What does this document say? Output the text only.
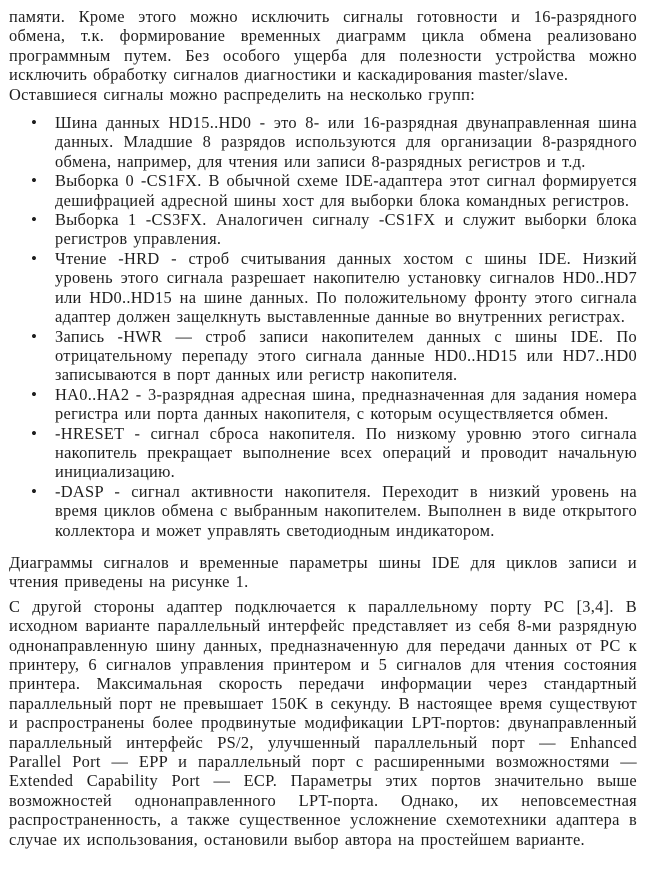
памяти. Кроме этого можно исключить сигналы готовности и 16-разрядного обмена, т.к. формирование временных диаграмм цикла обмена реализовано программным путем. Без особого ущерба для полезности устройства можно исключить обработку сигналов диагностики и каскадирования master/slave.

Оставшиеся сигналы можно распределить на несколько групп:

• Шина данных HD15..HD0 - это 8- или 16-разрядная двунаправленная шина данных. Младшие 8 разрядов используются для организации 8-разрядного обмена, например, для чтения или записи 8-разрядных регистров и т.д.
• Выборка 0 -CS1FX. В обычной схеме IDE-адаптера этот сигнал формируется дешифрацией адресной шины хост для выборки блока командных регистров.
• Выборка 1 -CS3FX. Аналогичен сигналу -CS1FX и служит выборки блока регистров управления.
• Чтение -HRD - строб считывания данных хостом с шины IDE. Низкий уровень этого сигнала разрешает накопителю установку сигналов HD0..HD7 или HD0..HD15 на шине данных. По положительному фронту этого сигнала адаптер должен защелкнуть выставленные данные во внутренних регистрах.
• Запись -HWR — строб записи накопителем данных с шины IDE. По отрицательному перепаду этого сигнала данные HD0..HD15 или HD7..HD0 записываются в порт данных или регистр накопителя.
• HA0..HA2 - 3-разрядная адресная шина, предназначенная для задания номера регистра или порта данных накопителя, с которым осуществляется обмен.
• -HRESET - сигнал сброса накопителя. По низкому уровню этого сигнала накопитель прекращает выполнение всех операций и проводит начальную инициализацию.
• -DASP - сигнал активности накопителя. Переходит в низкий уровень на время циклов обмена с выбранным накопителем. Выполнен в виде открытого коллектора и может управлять светодиодным индикатором.

Диаграммы сигналов и временные параметры шины IDE для циклов записи и чтения приведены на рисунке 1.

С другой стороны адаптер подключается к параллельному порту PC [3,4]. В исходном варианте параллельный интерфейс представляет из себя 8-ми разрядную однонаправленную шину данных, предназначенную для передачи данных от PC к принтеру, 6 сигналов управления принтером и 5 сигналов для чтения состояния принтера. Максимальная скорость передачи информации через стандартный параллельный порт не превышает 150K в секунду. В настоящее время существуют и распространены более продвинутые модификации LPT-портов: двунаправленный параллельный интерфейс PS/2, улучшенный параллельный порт — Enhanced Parallel Port — EPP и параллельный порт с расширенными возможностями — Extended Capability Port — ECP. Параметры этих портов значительно выше возможностей однонаправленного LPT-порта. Однако, их неповсеместная распространенность, а также существенное усложнение схемотехники адаптера в случае их использования, остановили выбор автора на простейшем варианте.
